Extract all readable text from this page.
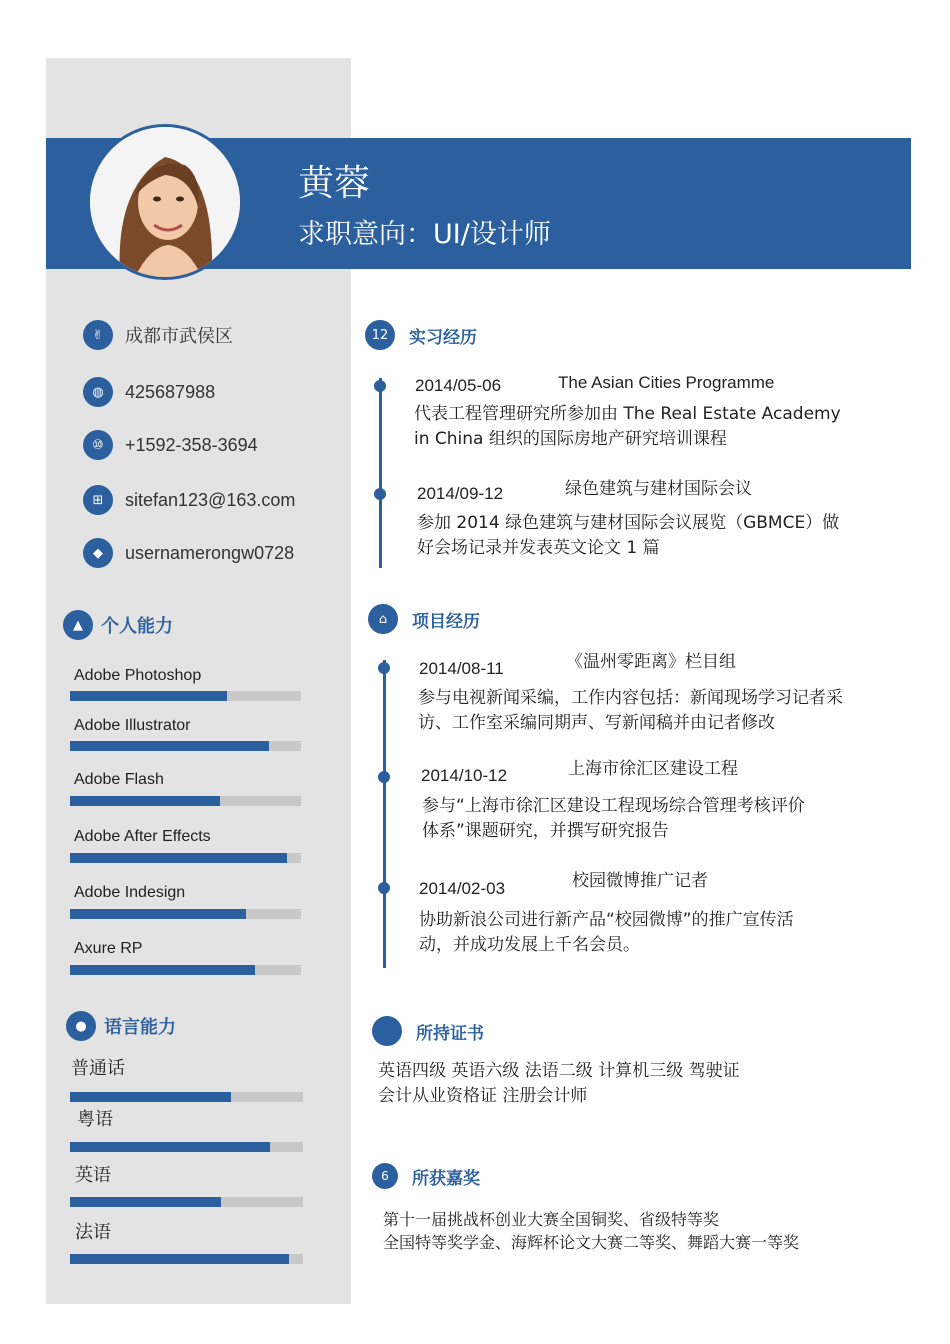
黄蓉
求职意向：UI/设计师
✌	成都市武侯区
◍	425687988
⑩	+1592-358-3694
⊞	sitefan123@163.com
◆	usernamerongw0728
▲	个人能力
Adobe Photoshop
Adobe Illustrator
Adobe Flash
Adobe After Effects
Adobe Indesign
Axure RP
● 语言能力
普通话
粤语
英语
法语
12	实习经历
2014/05-06	The Asian Cities Programme
代表工程管理研究所参加由 The Real Estate Academy
in China 组织的国际房地产研究培训课程
2014/09-12	绿色建筑与建材国际会议
参加 2014 绿色建筑与建材国际会议展览（GBMCE）做
好会场记录并发表英文论文 1 篇
⌂	项目经历
2014/08-11	《温州零距离》栏目组
参与电视新闻采编，工作内容包括：新闻现场学习记者采
访、工作室采编同期声、写新闻稿并由记者修改
2014/10-12	上海市徐汇区建设工程
参与“上海市徐汇区建设工程现场综合管理考核评价
体系”课题研究，并撰写研究报告
2014/02-03	校园微博推广记者
协助新浪公司进行新产品“校园微博”的推广宣传活
动，并成功发展上千名会员。
所持证书
英语四级 英语六级 法语二级 计算机三级 驾驶证
会计从业资格证 注册会计师
6	所获嘉奖
第十一届挑战杯创业大赛全国铜奖、省级特等奖
全国特等奖学金、海辉杯论文大赛二等奖、舞蹈大赛一等奖
